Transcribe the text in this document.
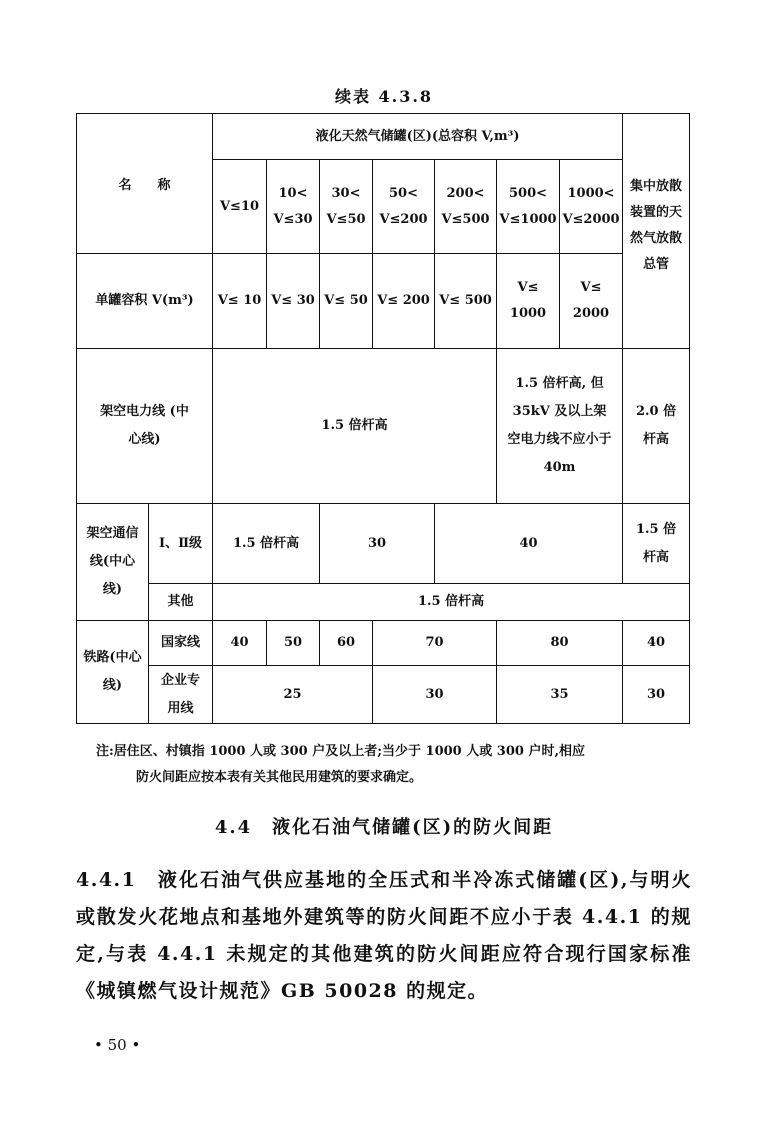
续表 4.3.8
名　　称		液化天然气储罐(区)(总容积 V,m³)							集中放散装置的天然气放散总管
		V≤10	10< V≤30	30< V≤50	50< V≤200	200< V≤500	500< V≤1000	1000< V≤2000	
单罐容积 V(m³)		V≤ 10	V≤ 30	V≤ 50	V≤ 200	V≤ 500	V≤ 1000	V≤ 2000	
架空电力线 (中心线)		1.5 倍杆高					1.5 倍杆高, 但 35kV 及以上架空电力线不应小于 40m		2.0 倍杆高
架空通信线(中心线)	Ⅰ、Ⅱ级	1.5 倍杆高		30		40			1.5 倍杆高
	其他	1.5 倍杆高							
铁路(中心线)	国家线	40	50	60	70		80		40
	企业专用线	25			30		35		30
注:居住区、村镇指 1000 人或 300 户及以上者;当少于 1000 人或 300 户时,相应
防火间距应按本表有关其他民用建筑的要求确定。
4.4　液化石油气储罐(区)的防火间距
4.4.1　液化石油气供应基地的全压式和半冷冻式储罐(区),与明火或散发火花地点和基地外建筑等的防火间距不应小于表 4.4.1 的规定,与表 4.4.1 未规定的其他建筑的防火间距应符合现行国家标准《城镇燃气设计规范》GB 50028 的规定。
• 50 •
